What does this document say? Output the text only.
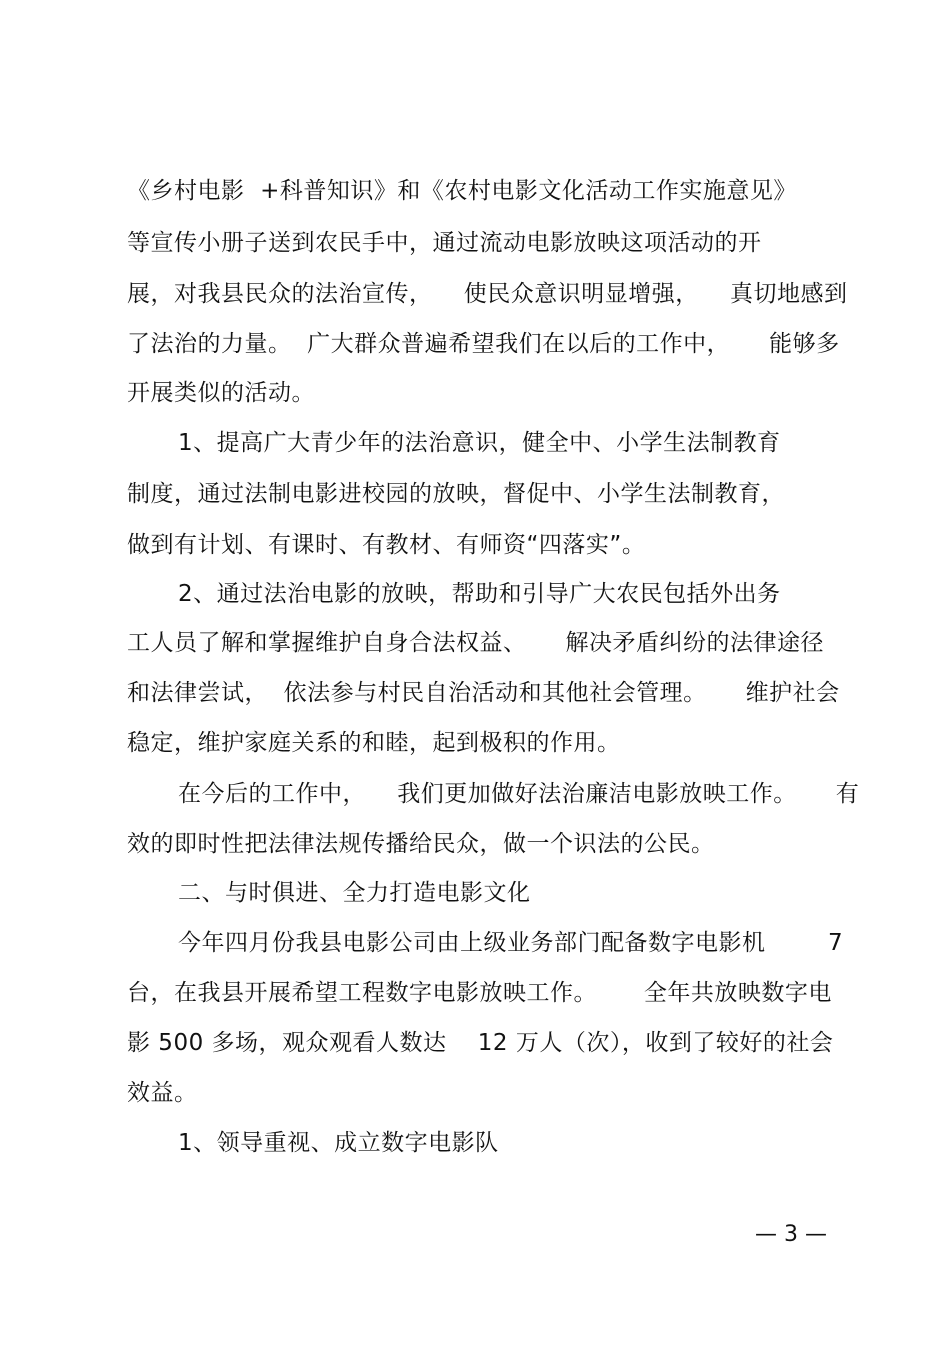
《乡村电影  +科普知识》和《农村电影文化活动工作实施意见》
等宣传小册子送到农民手中，通过流动电影放映这项活动的开
展，对我县民众的法治宣传，    使民众意识明显增强，    真切地感到
了法治的力量。  广大群众普遍希望我们在以后的工作中，     能够多
开展类似的活动。
1、提高广大青少年的法治意识，健全中、小学生法制教育
制度，通过法制电影进校园的放映，督促中、小学生法制教育，
做到有计划、有课时、有教材、有师资“四落实”。
2、通过法治电影的放映，帮助和引导广大农民包括外出务
工人员了解和掌握维护自身合法权益、     解决矛盾纠纷的法律途径
和法律尝试，  依法参与村民自治活动和其他社会管理。     维护社会
稳定，维护家庭关系的和睦，起到极积的作用。
在今后的工作中，    我们更加做好法治廉洁电影放映工作。     有
效的即时性把法律法规传播给民众，做一个识法的公民。
二、与时俱进、全力打造电影文化
今年四月份我县电影公司由上级业务部门配备数字电影机        7
台，在我县开展希望工程数字电影放映工作。      全年共放映数字电
影 500 多场，观众观看人数达    12 万人（次），收到了较好的社会
效益。
1、领导重视、成立数字电影队
— 3 —
